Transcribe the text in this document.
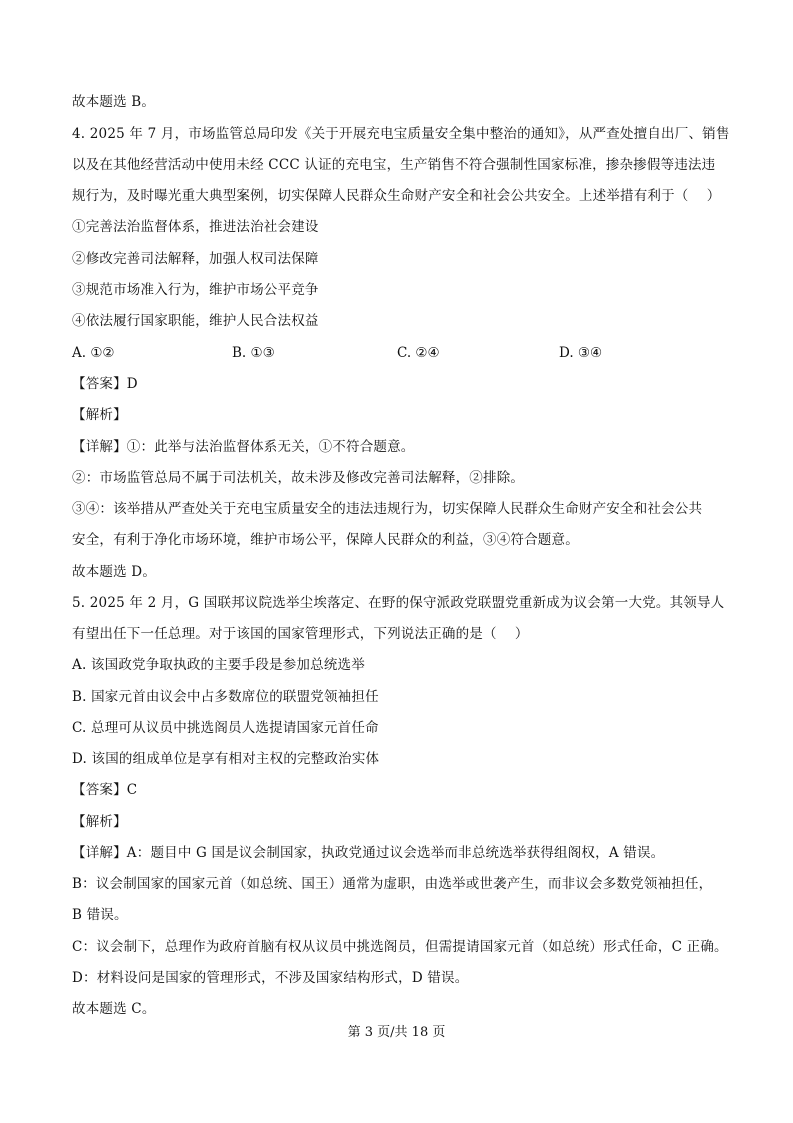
故本题选 B。
4. 2025 年 7 月，市场监管总局印发《关于开展充电宝质量安全集中整治的通知》，从严查处擅自出厂、销售
以及在其他经营活动中使用未经 CCC 认证的充电宝，生产销售不符合强制性国家标准，掺杂掺假等违法违
规行为，及时曝光重大典型案例，切实保障人民群众生命财产安全和社会公共安全。上述举措有利于（　 ）
①完善法治监督体系，推进法治社会建设
②修改完善司法解释，加强人权司法保障
③规范市场准入行为，维护市场公平竞争
④依法履行国家职能，维护人民合法权益
A. ①②	B. ①③	C. ②④	D. ③④
【答案】D
【解析】
【详解】①：此举与法治监督体系无关，①不符合题意。
②：市场监管总局不属于司法机关，故未涉及修改完善司法解释，②排除。
③④：该举措从严查处关于充电宝质量安全的违法违规行为，切实保障人民群众生命财产安全和社会公共
安全，有利于净化市场环境，维护市场公平，保障人民群众的利益，③④符合题意。
故本题选 D。
5. 2025 年 2 月，G 国联邦议院选举尘埃落定、在野的保守派政党联盟党重新成为议会第一大党。其领导人
有望出任下一任总理。对于该国的国家管理形式，下列说法正确的是（　 ）
A. 该国政党争取执政的主要手段是参加总统选举
B. 国家元首由议会中占多数席位的联盟党领袖担任
C. 总理可从议员中挑选阁员人选提请国家元首任命
D. 该国的组成单位是享有相对主权的完整政治实体
【答案】C
【解析】
【详解】A：题目中 G 国是议会制国家，执政党通过议会选举而非总统选举获得组阁权，A 错误。
B：议会制国家的国家元首（如总统、国王）通常为虚职，由选举或世袭产生，而非议会多数党领袖担任，
B 错误。
C：议会制下，总理作为政府首脑有权从议员中挑选阁员，但需提请国家元首（如总统）形式任命，C 正确。
D：材料设问是国家的管理形式，不涉及国家结构形式，D 错误。
故本题选 C。
第 3 页/共 18 页
